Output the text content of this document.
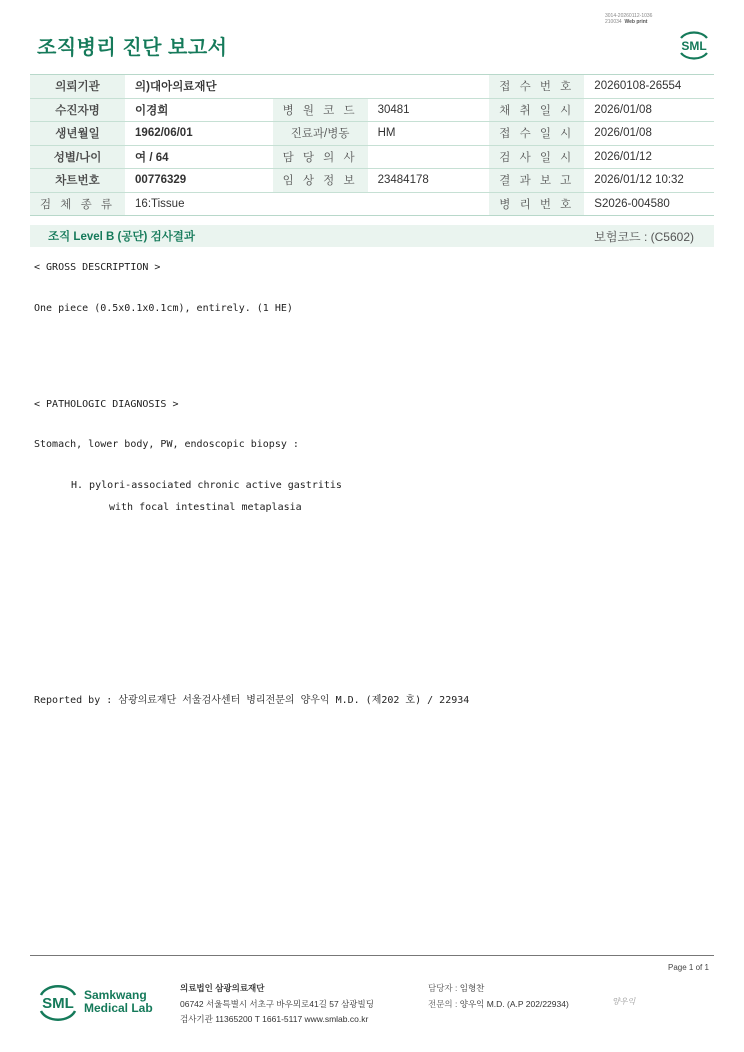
3014-20260112-1036
210034 Web print
조직병리 진단 보고서	SML
의뢰기관	의)대아의료재단			접 수 번 호	20260108-26554
수진자명	이경희	병 원 코 드	30481	채 취 일 시	2026/01/08
생년월일	1962/06/01	진료과/병동	HM	접 수 일 시	2026/01/08
성별/나이	여 / 64	담 당 의 사		검 사 일 시	2026/01/12
차트번호	00776329	임 상 정 보	23484178	결 과 보 고	2026/01/12 10:32
검 체 종 류	16:Tissue			병 리 번 호	S2026-004580
조직 Level B (공단) 검사결과	보험코드 : (C5602)
< GROSS DESCRIPTION >
One piece (0.5x0.1x0.1cm), entirely. (1 HE)
< PATHOLOGIC DIAGNOSIS >
Stomach, lower body, PW, endoscopic biopsy :
H. pylori-associated chronic active gastritis
with focal intestinal metaplasia
Reported by : 삼광의료재단 서울검사센터 병리전문의 양우익 M.D. (제202 호) / 22934
Page 1 of 1
SML Samkwang
Medical Lab
의료법인 삼광의료재단
06742 서울특별시 서초구 바우뫼로41길 57 삼광빌딩
검사기관 11365200 T 1661-5117 www.smlab.co.kr
담당자 : 임형찬
전문의 : 양우익 M.D. (A.P 202/22934)	양우익
